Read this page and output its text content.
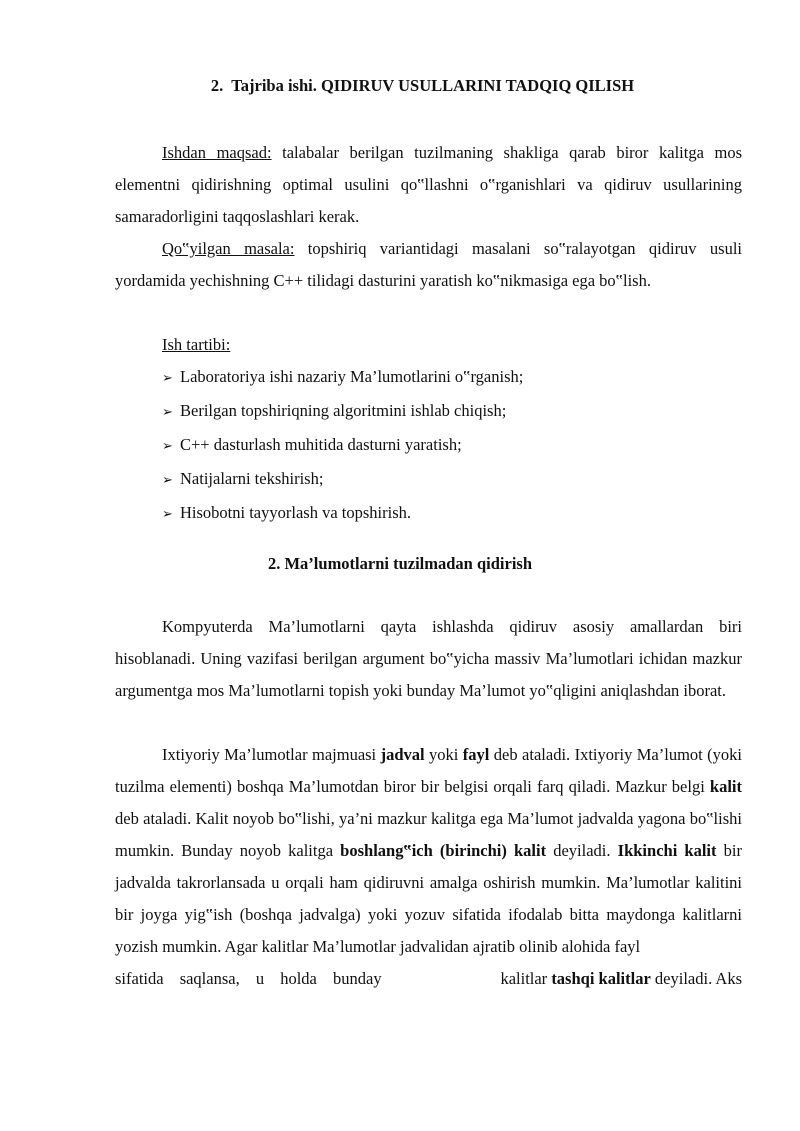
2. Tajriba ishi. QIDIRUV USULLARINI TADQIQ QILISH

Ishdan maqsad: talabalar berilgan tuzilmaning shakliga qarab biror kalitga mos elementni qidirishning optimal usulini qo‟llashni o‟rganishlari va qidiruv usullarining samaradorligini taqqoslashlari kerak.

Qo‟yilgan masala: topshiriq variantidagi masalani so‟ralayotgan qidiruv usuli yordamida yechishning C++ tilidagi dasturini yaratish ko‟nikmasiga ega bo‟lish.

Ish tartibi:

➢ Laboratoriya ishi nazariy Ma’lumotlarini o‟rganish;
➢ Berilgan topshiriqning algoritmini ishlab chiqish;
➢ C++ dasturlash muhitida dasturni yaratish;
➢ Natijalarni tekshirish;
➢ Hisobotni tayyorlash va topshirish.
2. Ma’lumotlarni tuzilmadan qidirish

Kompyuterda Ma’lumotlarni qayta ishlashda qidiruv asosiy amallardan biri hisoblanadi. Uning vazifasi berilgan argument bo‟yicha massiv Ma’lumotlari ichidan mazkur argumentga mos Ma’lumotlarni topish yoki bunday Ma’lumot yo‟qligini aniqlashdan iborat.

Ixtiyoriy Ma’lumotlar majmuasi jadval yoki fayl deb ataladi. Ixtiyoriy Ma’lumot (yoki tuzilma elementi) boshqa Ma’lumotdan biror bir belgisi orqali farq qiladi. Mazkur belgi kalit deb ataladi. Kalit noyob bo‟lishi, ya’ni mazkur kalitga ega Ma’lumot jadvalda yagona bo‟lishi mumkin. Bunday noyob kalitga boshlang‟ich (birinchi) kalit deyiladi. Ikkinchi kalit bir jadvalda takrorlansada u orqali ham qidiruvni amalga oshirish mumkin. Ma’lumotlar kalitini bir joyga yig‟ish (boshqa jadvalga) yoki yozuv sifatida ifodalab bitta maydonga kalitlarni yozish mumkin. Agar kalitlar Ma’lumotlar jadvalidan ajratib olinib alohida fayl

sifatida saqlansa, u holda bunday	kalitlar tashqi kalitlar deyiladi. Aks
